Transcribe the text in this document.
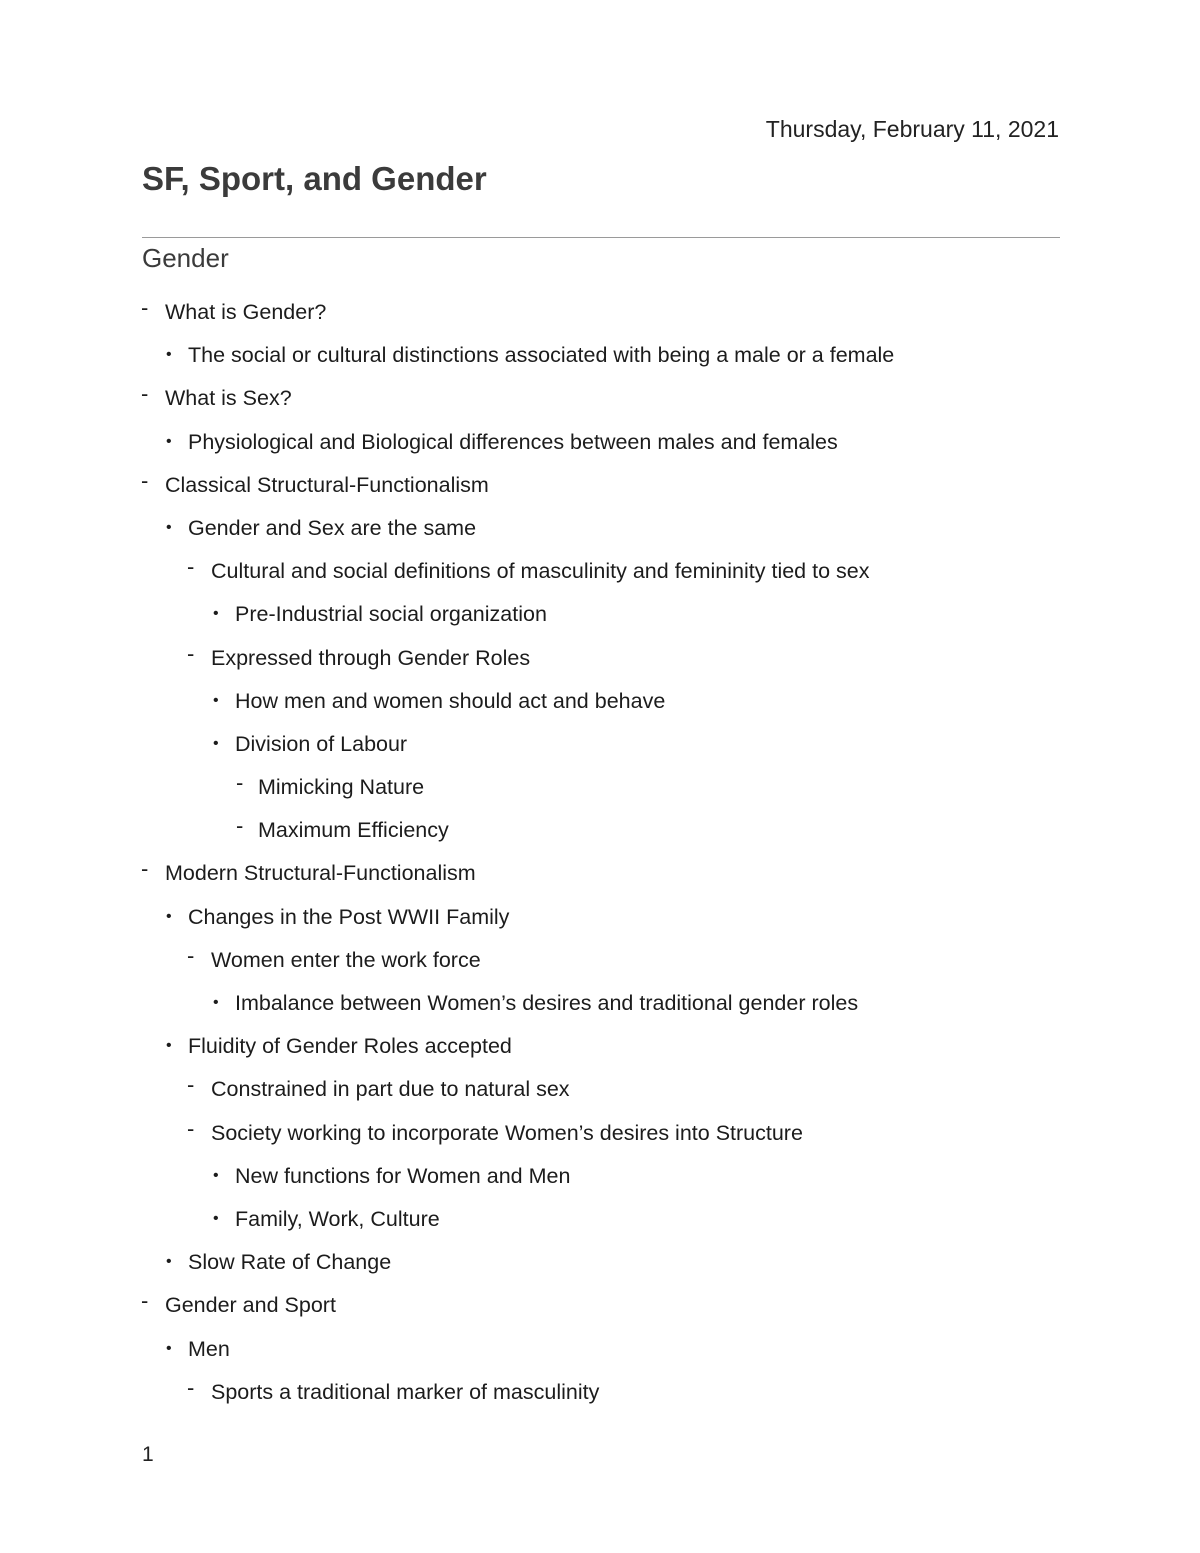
Thursday, February 11, 2021
SF, Sport, and Gender
Gender
- What is Gender?
• The social or cultural distinctions associated with being a male or a female
- What is Sex?
• Physiological and Biological differences between males and females
- Classical Structural-Functionalism
• Gender and Sex are the same
- Cultural and social definitions of masculinity and femininity tied to sex
• Pre-Industrial social organization
- Expressed through Gender Roles
• How men and women should act and behave
• Division of Labour
- Mimicking Nature
- Maximum Efficiency
- Modern Structural-Functionalism
• Changes in the Post WWII Family
- Women enter the work force
• Imbalance between Women’s desires and traditional gender roles
• Fluidity of Gender Roles accepted
- Constrained in part due to natural sex
- Society working to incorporate Women’s desires into Structure
• New functions for Women and Men
• Family, Work, Culture
• Slow Rate of Change
- Gender and Sport
• Men
- Sports a traditional marker of masculinity
1
